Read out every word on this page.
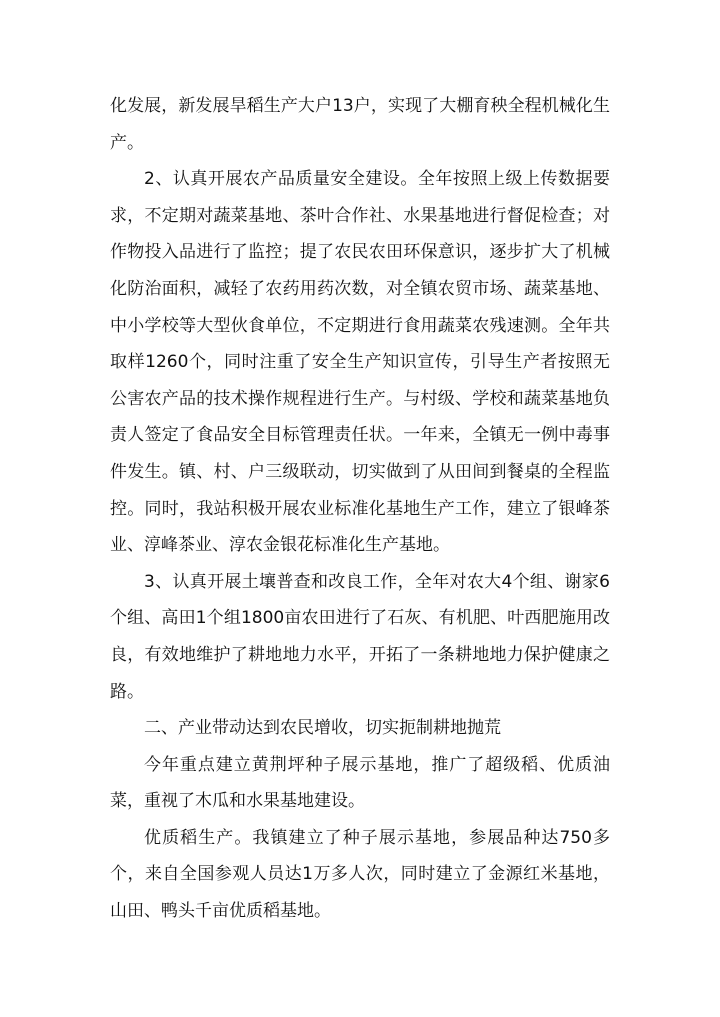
化发展，新发展旱稻生产大户13户，实现了大棚育秧全程机械化生产。

2、认真开展农产品质量安全建设。全年按照上级上传数据要求，不定期对蔬菜基地、茶叶合作社、水果基地进行督促检查；对作物投入品进行了监控；提了农民农田环保意识，逐步扩大了机械化防治面积，减轻了农药用药次数，对全镇农贸市场、蔬菜基地、中小学校等大型伙食单位，不定期进行食用蔬菜农残速测。全年共取样1260个，同时注重了安全生产知识宣传，引导生产者按照无公害农产品的技术操作规程进行生产。与村级、学校和蔬菜基地负责人签定了食品安全目标管理责任状。一年来，全镇无一例中毒事件发生。镇、村、户三级联动，切实做到了从田间到餐桌的全程监控。同时，我站积极开展农业标准化基地生产工作，建立了银峰茶业、淳峰茶业、淳农金银花标准化生产基地。

3、认真开展土壤普查和改良工作，全年对农大4个组、谢家6个组、高田1个组1800亩农田进行了石灰、有机肥、叶西肥施用改良，有效地维护了耕地地力水平，开拓了一条耕地地力保护健康之路。

二、产业带动达到农民增收，切实扼制耕地抛荒

今年重点建立黄荆坪种子展示基地，推广了超级稻、优质油菜，重视了木瓜和水果基地建设。

优质稻生产。我镇建立了种子展示基地，参展品种达750多个，来自全国参观人员达1万多人次，同时建立了金源红米基地，山田、鸭头千亩优质稻基地。
